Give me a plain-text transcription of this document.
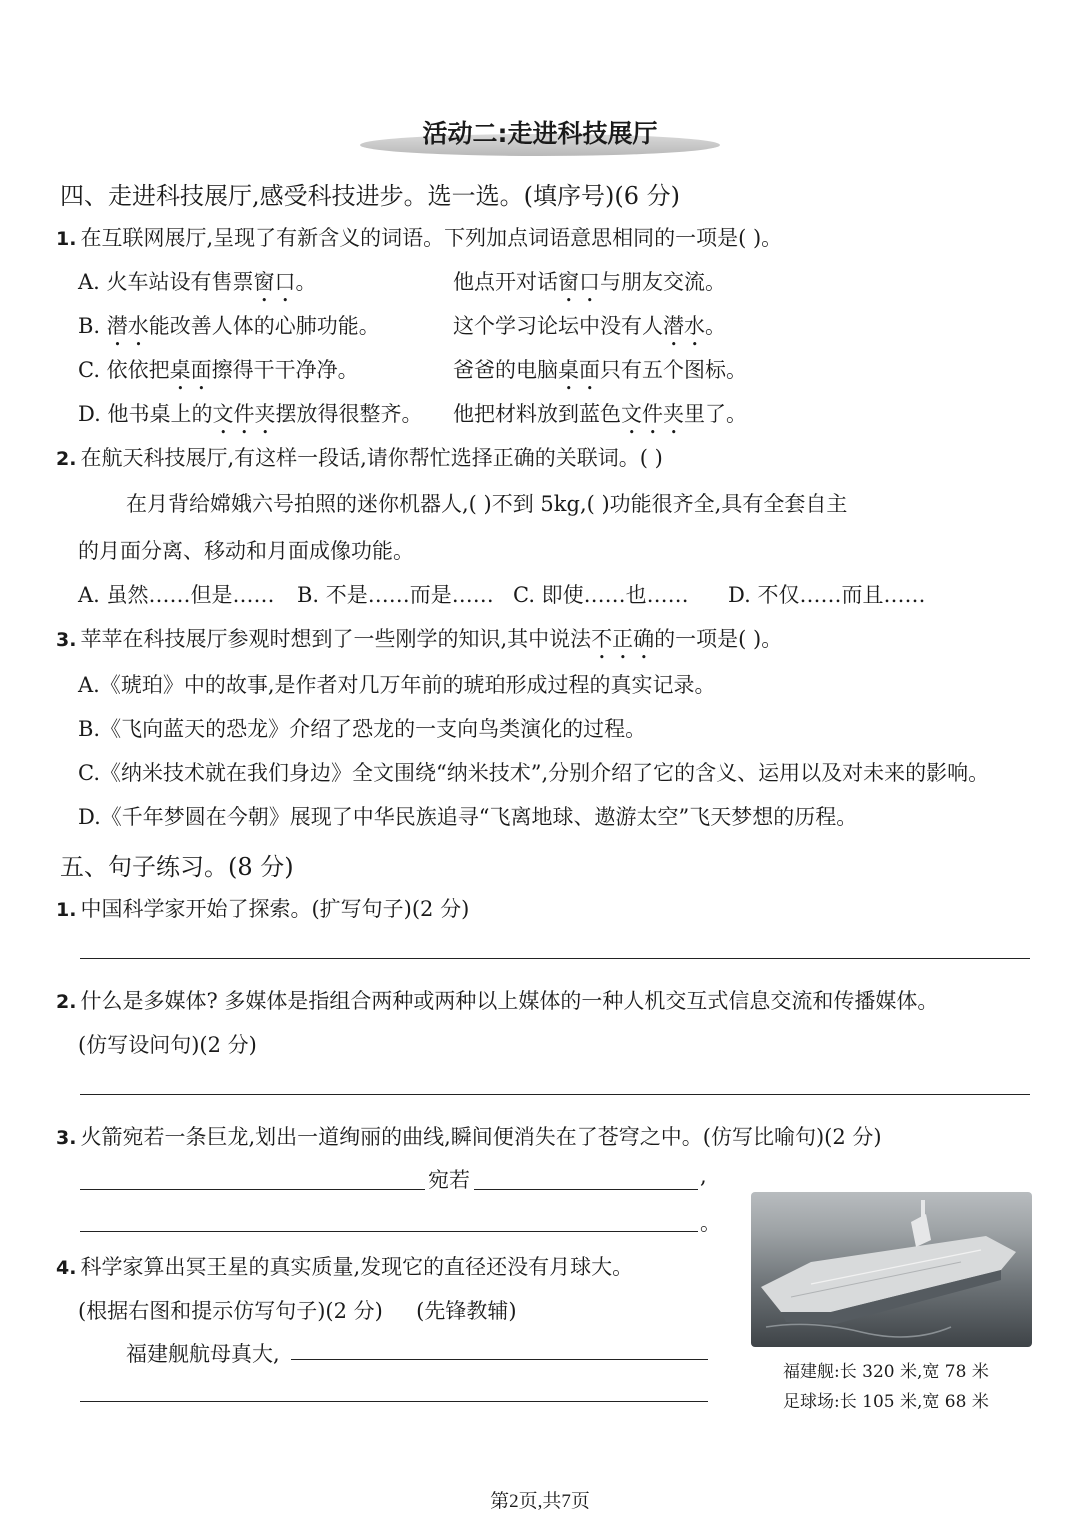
活动二:走进科技展厅
四、走进科技展厅,感受科技进步。选一选。(填序号)(6 分)
1. 在互联网展厅,呈现了有新含义的词语。下列加点词语意思相同的一项是( )。
A. 火车站设有售票窗口。	他点开对话窗口与朋友交流。
B. 潜水能改善人体的心肺功能。	这个学习论坛中没有人潜水。
C. 依依把桌面擦得干干净净。	爸爸的电脑桌面只有五个图标。
D. 他书桌上的文件夹摆放得很整齐。 他把材料放到蓝色文件夹里了。
2. 在航天科技展厅,有这样一段话,请你帮忙选择正确的关联词。( )
在月背给嫦娥六号拍照的迷你机器人,( )不到 5kg,( )功能很齐全,具有全套自主
的月面分离、移动和月面成像功能。
A. 虽然……但是…… B. 不是……而是…… C. 即使……也…… D. 不仅……而且……
3. 苹苹在科技展厅参观时想到了一些刚学的知识,其中说法不正确的一项是( )。
A.《琥珀》中的故事,是作者对几万年前的琥珀形成过程的真实记录。
B.《飞向蓝天的恐龙》介绍了恐龙的一支向鸟类演化的过程。
C.《纳米技术就在我们身边》全文围绕“纳米技术”,分别介绍了它的含义、运用以及对未来的影响。
D.《千年梦圆在今朝》展现了中华民族追寻“飞离地球、遨游太空”飞天梦想的历程。
五、句子练习。(8 分)
1. 中国科学家开始了探索。(扩写句子)(2 分)
2. 什么是多媒体? 多媒体是指组合两种或两种以上媒体的一种人机交互式信息交流和传播媒体。
(仿写设问句)(2 分)
3. 火箭宛若一条巨龙,划出一道绚丽的曲线,瞬间便消失在了苍穹之中。(仿写比喻句)(2 分)
宛若	,
。
4. 科学家算出冥王星的真实质量,发现它的直径还没有月球大。
(根据右图和提示仿写句子)(2 分)     (先锋教辅)
福建舰航母真大,
福建舰:长 320 米,宽 78 米
足球场:长 105 米,宽 68 米
第2页,共7页
